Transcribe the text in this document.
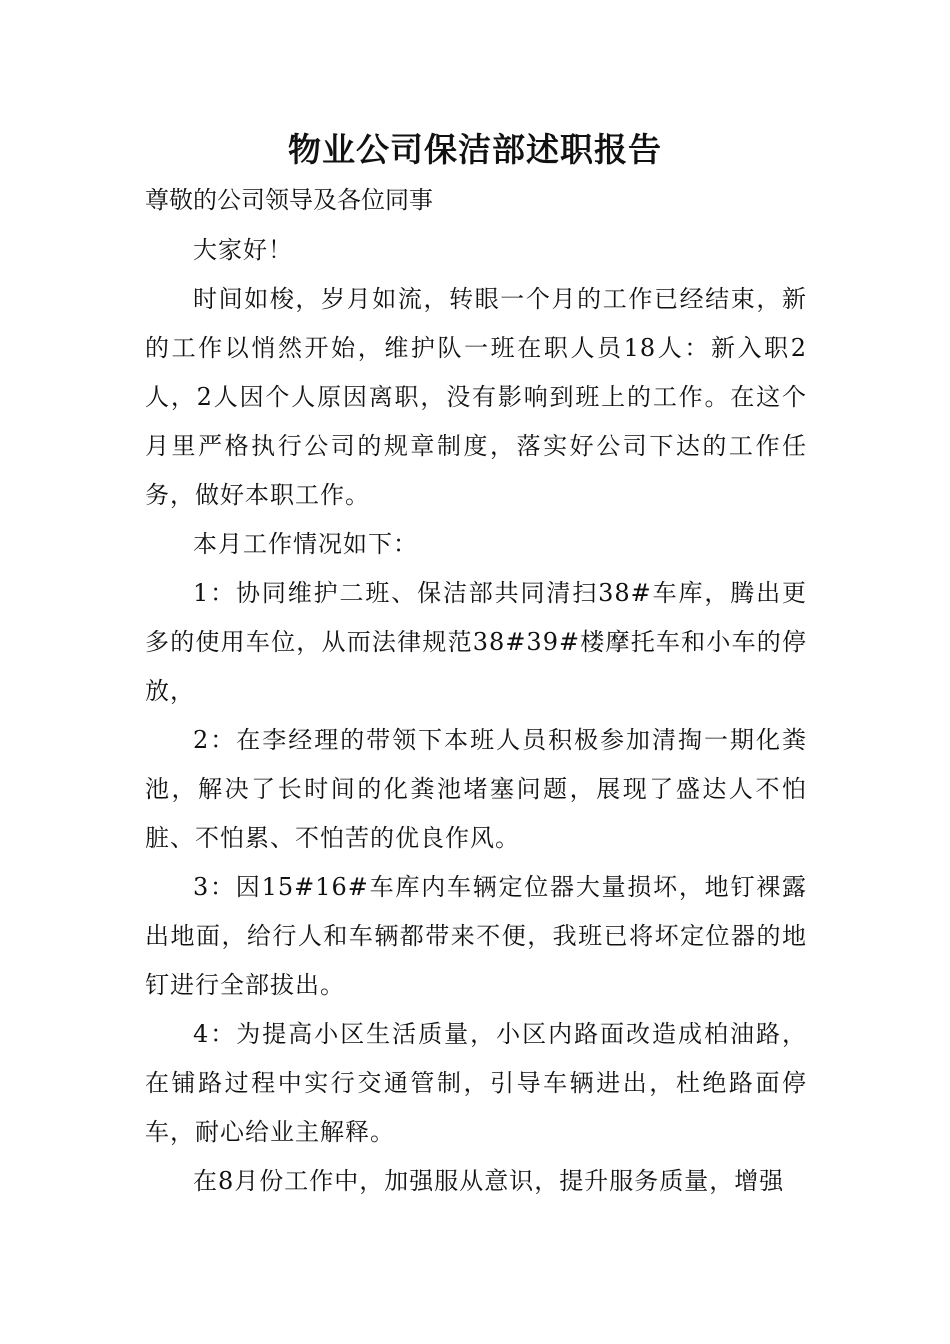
物业公司保洁部述职报告
尊敬的公司领导及各位同事

大家好！

时间如梭，岁月如流，转眼一个月的工作已经结束，新的工作以悄然开始，维护队一班在职人员18人：新入职2人，2人因个人原因离职，没有影响到班上的工作。在这个月里严格执行公司的规章制度，落实好公司下达的工作任务，做好本职工作。

本月工作情况如下：

1：协同维护二班、保洁部共同清扫38#车库，腾出更多的使用车位，从而法律规范38#39#楼摩托车和小车的停放，

2：在李经理的带领下本班人员积极参加清掏一期化粪池，解决了长时间的化粪池堵塞问题，展现了盛达人不怕脏、不怕累、不怕苦的优良作风。

3：因15#16#车库内车辆定位器大量损坏，地钉裸露出地面，给行人和车辆都带来不便，我班已将坏定位器的地钉进行全部拔出。

4：为提高小区生活质量，小区内路面改造成柏油路，在铺路过程中实行交通管制，引导车辆进出，杜绝路面停车，耐心给业主解释。

在8月份工作中，加强服从意识，提升服务质量，增强
